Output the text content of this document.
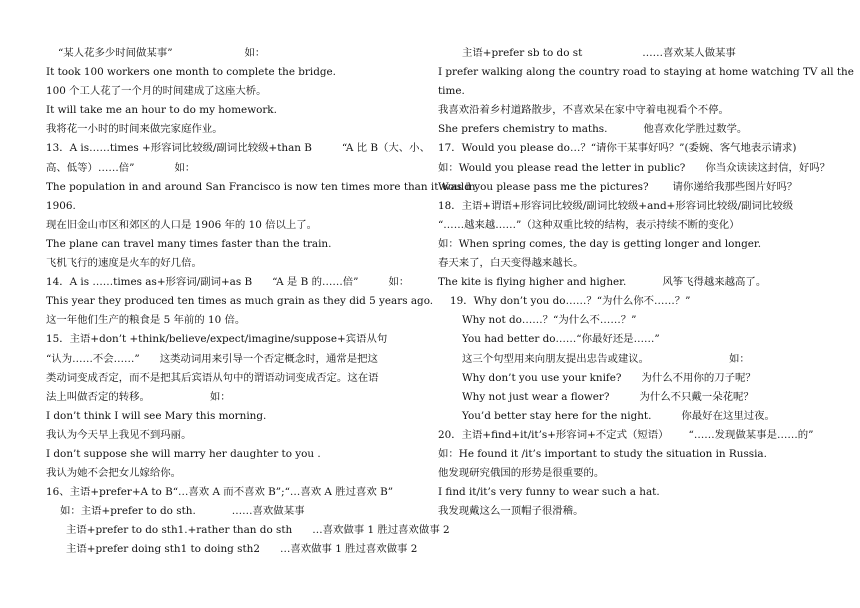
“某人花多少时间做某事”	如：
It took 100 workers one month to complete the bridge.
100 个工人花了一个月的时间建成了这座大桥。
It will take me an hour to do my homework.
我将花一小时的时间来做完家庭作业。
13．A is……times +形容词比较级/副词比较级+than B	“A 比 B（大、小、
高、低等）……倍”	如：
The population in and around San Francisco is now ten times more than it was in
1906.
现在旧金山市区和郊区的人口是 1906 年的 10 倍以上了。
The plane can travel many times faster than the train.
飞机飞行的速度是火车的好几倍。
14．A is ……times as+形容词/副词+as B “A 是 B 的……倍”	如：
This year they produced ten times as much grain as they did 5 years ago.
这一年他们生产的粮食是 5 年前的 10 倍。
15．主语+don’t +think/believe/expect/imagine/suppose+宾语从句
“认为……不会……” 这类动词用来引导一个否定概念时，通常是把这
类动词变成否定，而不是把其后宾语从句中的谓语动词变成否定。这在语
法上叫做否定的转移。	如：
I don’t think I will see Mary this morning.
我认为今天早上我见不到玛丽。
I don’t suppose she will marry her daughter to you .
我认为她不会把女儿嫁给你。
16、主语+prefer+A to B“…喜欢 A 而不喜欢 B”;“…喜欢 A 胜过喜欢 B”
如：主语+prefer to do sth.	……喜欢做某事
主语+prefer to do sth1.+rather than do sth …喜欢做事 1 胜过喜欢做事 2
主语+prefer doing sth1 to doing sth2 …喜欢做事 1 胜过喜欢做事 2
主语+prefer sb to do st	……喜欢某人做某事
I prefer walking along the country road to staying at home watching TV all the
time.
我喜欢沿着乡村道路散步，不喜欢呆在家中守着电视看个不停。
She prefers chemistry to maths.	他喜欢化学胜过数学。
17．Would you please do…？“请你干某事好吗？”(委婉、客气地表示请求)
如：Would you please read the letter in public? 你当众读读这封信，好吗？
Would you please pass me the pictures? 请你递给我那些图片好吗？
18．主语+谓语+形容词比较级/副词比较级+and+形容词比较级/副词比较级
“……越来越……”（这种双重比较的结构，表示持续不断的变化）
如：When spring comes, the day is getting longer and longer.
春天来了，白天变得越来越长。
The kite is flying higher and higher.	风筝飞得越来越高了。
19．Why don’t you do……？“为什么你不……？”
Why not do……？“为什么不……？”
You had better do……“你最好还是……”
这三个句型用来向朋友提出忠告或建议。	如：
Why don’t you use your knife? 为什么不用你的刀子呢？
Why not just wear a flower?	为什么不只戴一朵花呢？
You’d better stay here for the night.	你最好在这里过夜。
20．主语+find+it/it’s+形容词+不定式（短语） “……发现做某事是……的”
如：He found it /it’s important to study the situation in Russia.
他发现研究俄国的形势是很重要的。
I find it/it’s very funny to wear such a hat.
我发现戴这么一顶帽子很滑稽。
